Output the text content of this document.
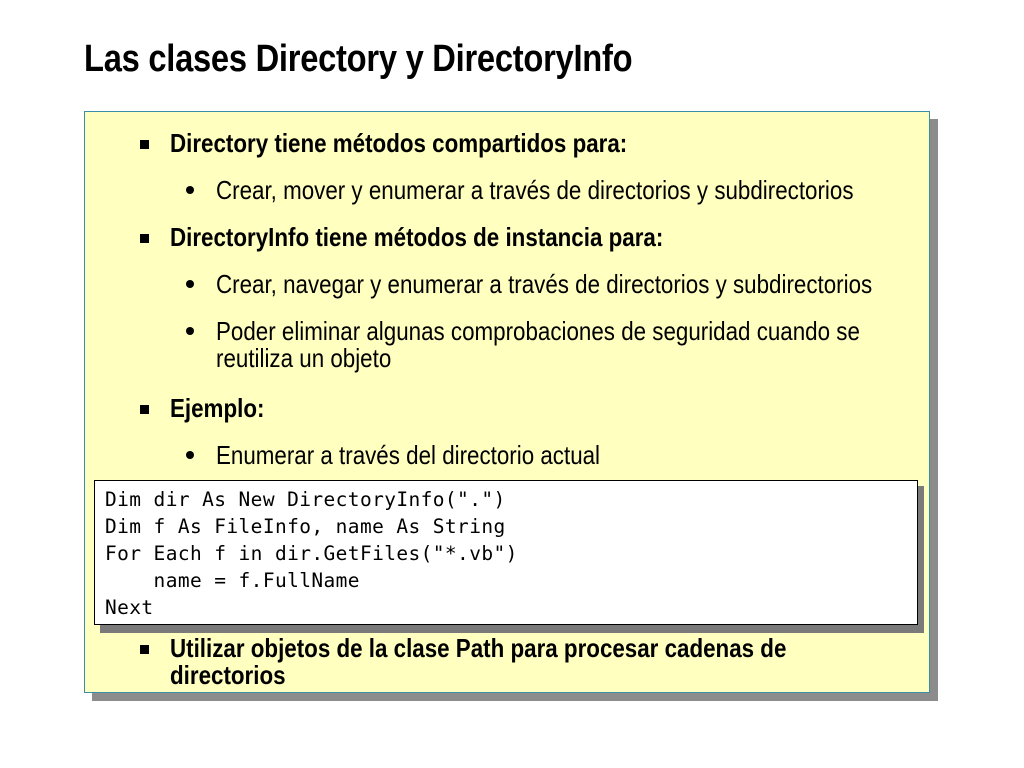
Las clases Directory y DirectoryInfo
Directory tiene métodos compartidos para:
Crear, mover y enumerar a través de directorios y subdirectorios
DirectoryInfo tiene métodos de instancia para:
Crear, navegar y enumerar a través de directorios y subdirectorios
Poder eliminar algunas comprobaciones de seguridad cuando se
reutiliza un objeto
Ejemplo:
Enumerar a través del directorio actual
Dim dir As New DirectoryInfo(".")
Dim f As FileInfo, name As String
For Each f in dir.GetFiles("*.vb")
name = f.FullName
Next
Utilizar objetos de la clase Path para procesar cadenas de
directorios
